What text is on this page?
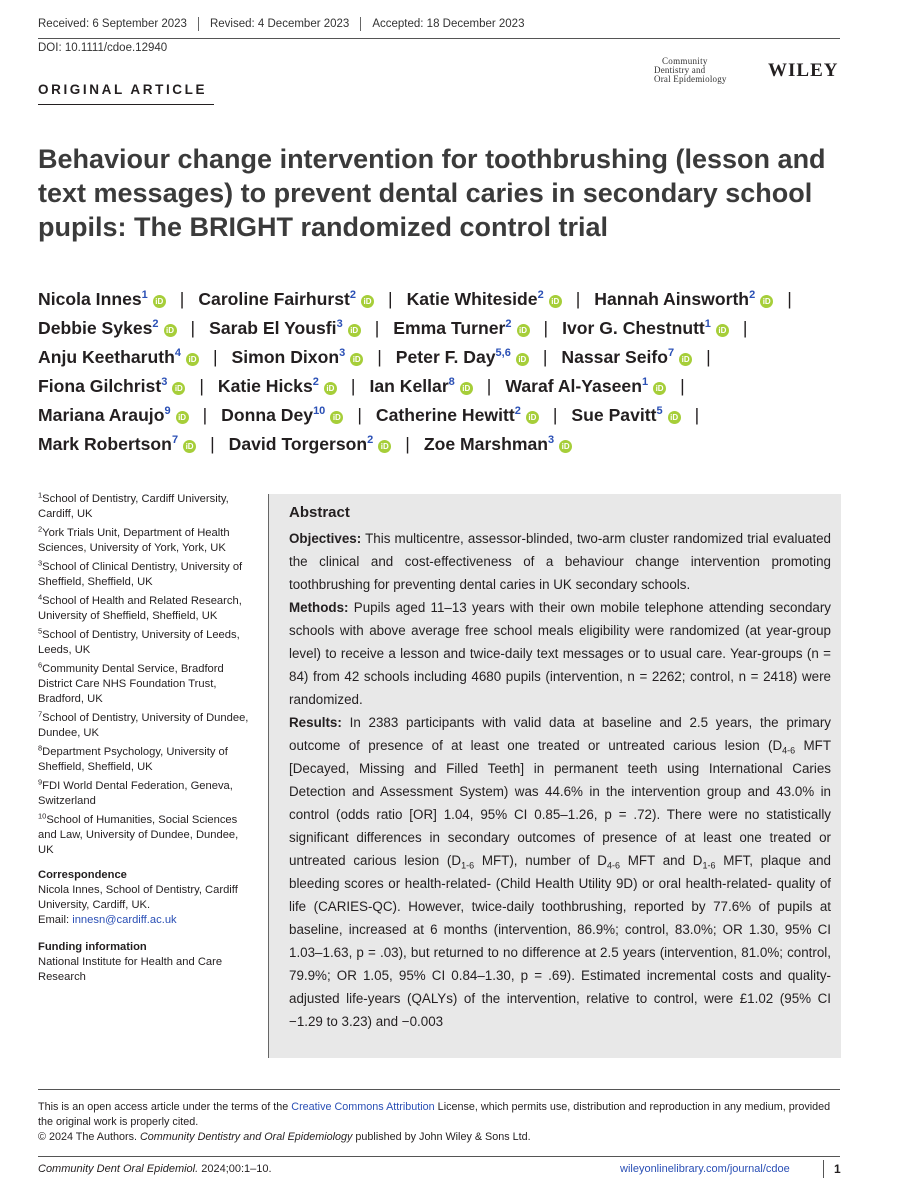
Received: 6 September 2023 Revised: 4 December 2023 Accepted: 18 December 2023
DOI: 10.1111/cdoe.12940
ORIGINAL ARTICLE
Community
Dentistry and
Oral Epidemiology	WILEY
Behaviour change intervention for toothbrushing (lesson and text messages) to prevent dental caries in secondary school pupils: The BRIGHT randomized control trial
Nicola Innes$^1$iD | Caroline Fairhurst$^2$iD | Katie Whiteside$^2$iD | Hannah Ainsworth$^2$iD |
Debbie Sykes$^2$iD | Sarab El Yousfi$^3$iD | Emma Turner$^2$iD | Ivor G. Chestnutt$^1$iD |
Anju Keetharuth$^4$iD | Simon Dixon$^3$iD | Peter F. Day$^{5,6}$iD | Nassar Seifo$^7$iD |
Fiona Gilchrist$^3$iD | Katie Hicks$^2$iD | Ian Kellar$^8$iD | Waraf Al-Yaseen$^1$iD |
Mariana Araujo$^9$iD | Donna Dey$^{10}$iD | Catherine Hewitt$^2$iD | Sue Pavitt$^5$iD |
Mark Robertson$^7$iD | David Torgerson$^2$iD | Zoe Marshman$^3$iD
$^1$School of Dentistry, Cardiff University, Cardiff, UK
$^2$York Trials Unit, Department of Health Sciences, University of York, York, UK
$^3$School of Clinical Dentistry, University of Sheffield, Sheffield, UK
$^4$School of Health and Related Research, University of Sheffield, Sheffield, UK
$^5$School of Dentistry, University of Leeds, Leeds, UK
$^6$Community Dental Service, Bradford District Care NHS Foundation Trust, Bradford, UK
$^7$School of Dentistry, University of Dundee, Dundee, UK
$^8$Department Psychology, University of Sheffield, Sheffield, UK
$^9$FDI World Dental Federation, Geneva, Switzerland
$^{10}$School of Humanities, Social Sciences and Law, University of Dundee, Dundee, UK
Correspondence
Nicola Innes, School of Dentistry, Cardiff University, Cardiff, UK.
Email: innesn@cardiff.ac.uk
Funding information
National Institute for Health and Care Research
Abstract

Objectives: This multicentre, assessor-blinded, two-arm cluster randomized trial evaluated the clinical and cost-effectiveness of a behaviour change intervention promoting toothbrushing for preventing dental caries in UK secondary schools.

Methods: Pupils aged 11–13 years with their own mobile telephone attending secondary schools with above average free school meals eligibility were randomized (at year-group level) to receive a lesson and twice-daily text messages or to usual care. Year-groups (n = 84) from 42 schools including 4680 pupils (intervention, n = 2262; control, n = 2418) were randomized.

Results: In 2383 participants with valid data at baseline and 2.5 years, the primary outcome of presence of at least one treated or untreated carious lesion ($D_{4-6}$ MFT [Decayed, Missing and Filled Teeth] in permanent teeth using International Caries Detection and Assessment System) was 44.6% in the intervention group and 43.0% in control (odds ratio [OR] 1.04, 95% CI 0.85–1.26, p = .72). There were no statistically significant differences in secondary outcomes of presence of at least one treated or untreated carious lesion ($D_{1-6}$ MFT), number of $D_{4-6}$ MFT and $D_{1-6}$ MFT, plaque and bleeding scores or health-related- (Child Health Utility 9D) or oral health-related- quality of life (CARIES-QC). However, twice-daily toothbrushing, reported by 77.6% of pupils at baseline, increased at 6 months (intervention, 86.9%; control, 83.0%; OR 1.30, 95% CI 1.03–1.63, p = .03), but returned to no difference at 2.5 years (intervention, 81.0%; control, 79.9%; OR 1.05, 95% CI 0.84–1.30, p = .69). Estimated incremental costs and quality-adjusted life-years (QALYs) of the intervention, relative to control, were £1.02 (95% CI −1.29 to 3.23) and −0.003

This is an open access article under the terms of the Creative Commons Attribution License, which permits use, distribution and reproduction in any medium, provided the original work is properly cited.
© 2024 The Authors. Community Dentistry and Oral Epidemiology published by John Wiley & Sons Ltd.
Community Dent Oral Epidemiol. 2024;00:1–10.	wileyonlinelibrary.com/journal/cdoe	1
